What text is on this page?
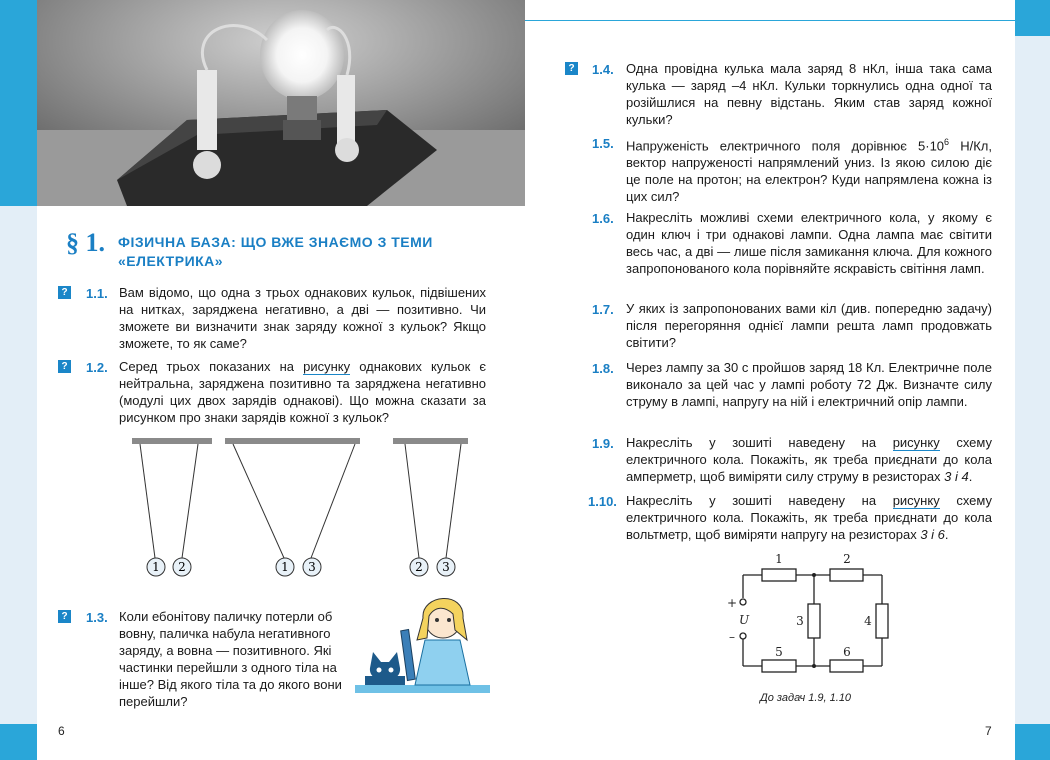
§ 1. ФІЗИЧНА БАЗА: ЩО ВЖЕ ЗНАЄМО З ТЕМИ «ЕЛЕКТРИКА»
? 1.1. Вам відомо, що одна з трьох однакових кульок, підвішених на нитках, заряджена негативно, а дві — позитивно. Чи зможете ви визначити знак заряду кожної з кульок? Якщо зможете, то як саме?
? 1.2. Серед трьох показаних на рисунку однакових кульок є нейтральна, заряджена позитивно та заряджена негативно (модулі цих двох зарядів однакові). Що можна сказати за рисунком про знаки зарядів кожної з кульок?
1 2	1 3	2 3
? 1.3. Коли ебонітову паличку потерли об вовну, паличка набула негативного заряду, а вовна — позитивного. Які частинки перейшли з одного тіла на інше? Від якого тіла та до якого вони перейшли?
? 1.4. Одна провідна кулька мала заряд 8 нКл, інша така сама кулька — заряд –4 нКл. Кульки торкнулись одна одної та розійшлися на певну відстань. Яким став заряд кожної кульки?
1.5. Напруженість електричного поля дорівнює $5\cdot 10^6$ Н/Кл, вектор напруженості напрямлений униз. Із якою силою діє це поле на протон; на електрон? Куди напрямлена кожна із цих сил?
1.6. Накресліть можливі схеми електричного кола, у якому є один ключ і три однакові лампи. Одна лампа має світити весь час, а дві — лише після замикання ключа. Для кожного запропонованого кола порівняйте яскравість світіння ламп.
1.7. У яких із запропонованих вами кіл (див. попередню задачу) після перегоряння однієї лампи решта ламп продовжать світити?
1.8. Через лампу за 30 с пройшов заряд 18 Кл. Електричне поле виконало за цей час у лампі роботу 72 Дж. Визначте силу струму в лампі, напругу на ній і електричний опір лампи.
1.9. Накресліть у зошиті наведену на рисунку схему електричного кола. Покажіть, як треба приєднати до кола амперметр, щоб виміряти силу струму в резисторах 3 і 4.
1.10. Накресліть у зошиті наведену на рисунку схему електричного кола. Покажіть, як треба приєднати до кола вольтметр, щоб виміряти напругу на резисторах 3 і 6.
1	2
3	4
5	6
+
–
U
До задач 1.9, 1.10
6	7
